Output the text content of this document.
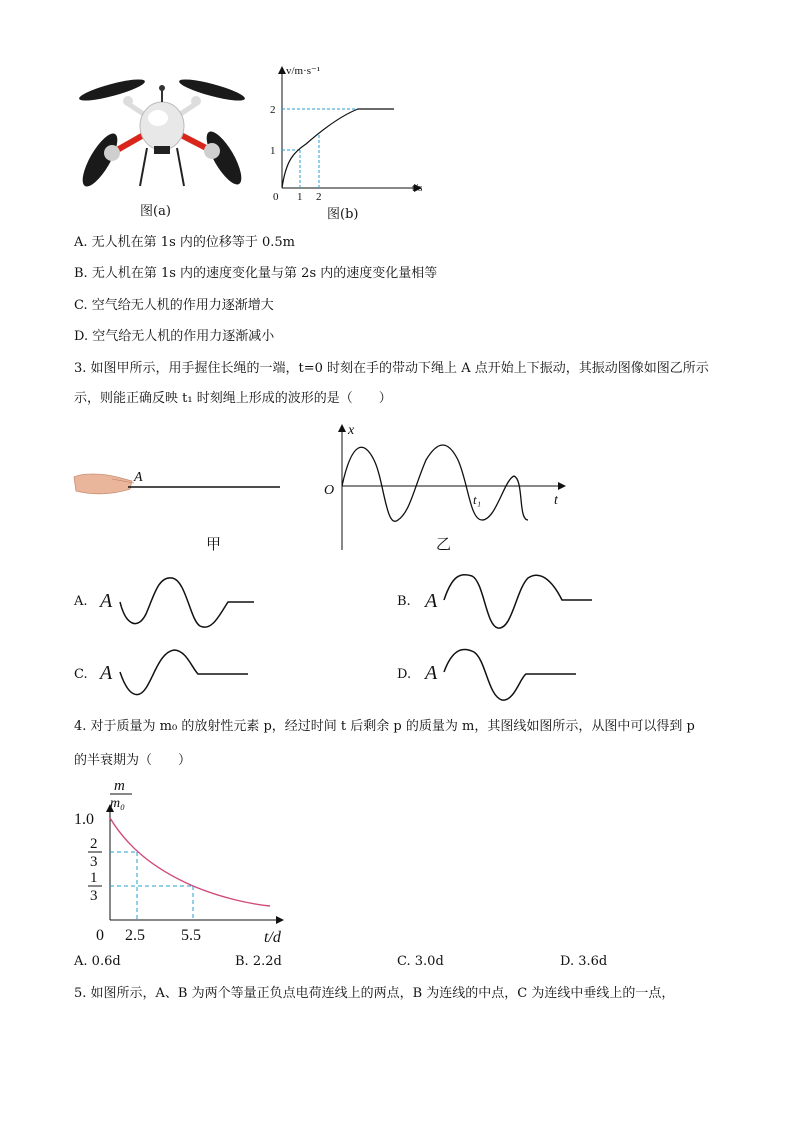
图(a)
v/m·s⁻¹
t/s
0
1
2
1 2
图(b)
A. 无人机在第 1s 内的位移等于 0.5m
B. 无人机在第 1s 内的速度变化量与第 2s 内的速度变化量相等
C. 空气给无人机的作用力逐渐增大
D. 空气给无人机的作用力逐渐减小
3. 如图甲所示，用手握住长绳的一端，t=0 时刻在手的带动下绳上 A 点开始上下振动，其振动图像如图乙所示
示，则能正确反映 t₁ 时刻绳上形成的波形的是（　　）
A
甲
x
O
t
t₁
乙
A. A	B. A
C. A	D. A
4. 对于质量为 m₀ 的放射性元素 p，经过时间 t 后剩余 p 的质量为 m，其图线如图所示，从图中可以得到 p
的半衰期为（　　）
m
m₀
1.0
2
3
1
3
0 2.5 5.5	t/d
A. 0.6d	B. 2.2d	C. 3.0d	D. 3.6d
5. 如图所示，A、B 为两个等量正负点电荷连线上的两点，B 为连线的中点，C 为连线中垂线上的一点，
